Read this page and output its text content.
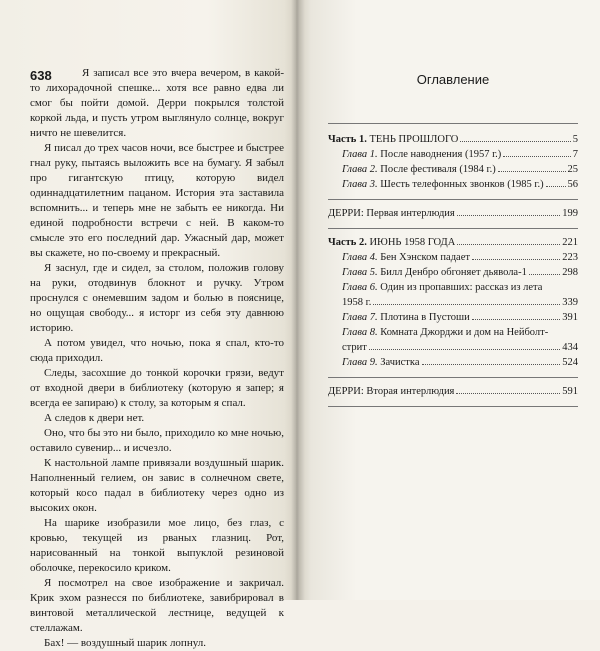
638	Я записал все это вчера вечером, в какой-то лихорадочной спешке... хотя все равно едва ли смог бы пойти домой. Дерри покрылся толстой коркой льда, и пусть утром выглянуло солнце, вокруг ничто не шевелится.

Я писал до трех часов ночи, все быстрее и быстрее гнал руку, пытаясь выложить все на бумагу. Я забыл про гигантскую птицу, которую видел одиннадцатилетним пацаном. История эта заставила вспомнить... и теперь мне не забыть ее никогда. Ни единой подробности встречи с ней. В каком-то смысле это его последний дар. Ужасный дар, может вы скажете, но по-своему и прекрасный.

Я заснул, где и сидел, за столом, положив голову на руки, отодвинув блокнот и ручку. Утром проснулся с онемевшим задом и болью в пояснице, но ощущая свободу... я исторг из себя эту давнюю историю.

А потом увидел, что ночью, пока я спал, кто-то сюда приходил.

Следы, засохшие до тонкой корочки грязи, ведут от входной двери в библиотеку (которую я запер; я всегда ее запираю) к столу, за которым я спал.

А следов к двери нет.

Оно, что бы это ни было, приходило ко мне ночью, оставило сувенир... и исчезло.

К настольной лампе привязали воздушный шарик. Наполненный гелием, он завис в солнечном свете, который косо падал в библиотеку через одно из высоких окон.

На шарике изобразили мое лицо, без глаз, с кровью, текущей из рваных глазниц. Рот, нарисованный на тонкой выпуклой резиновой оболочке, перекосило криком.

Я посмотрел на свое изображение и закричал. Крик эхом разнесся по библиотеке, завибрировал в винтовой металлической лестнице, ведущей к стеллажам.

Бах! — воздушный шарик лопнул.

Оглавление
Часть 1. ТЕНЬ ПРОШЛОГО	5
Глава 1. После наводнения (1957 г.)	7
Глава 2. После фестиваля (1984 г.)	25
Глава 3. Шесть телефонных звонков (1985 г.) 56
ДЕРРИ: Первая интерлюдия	199
Часть 2. ИЮНЬ 1958 ГОДА	221
Глава 4. Бен Хэнском падает	223
Глава 5. Билл Денбро обгоняет дьявола-1	298
Глава 6. Один из пропавших: рассказ из лета
1958 г.	339
Глава 7. Плотина в Пустоши	391
Глава 8. Комната Джорджи и дом на Нейболт-
стрит	434
Глава 9. Зачистка	524
ДЕРРИ: Вторая интерлюдия	591
